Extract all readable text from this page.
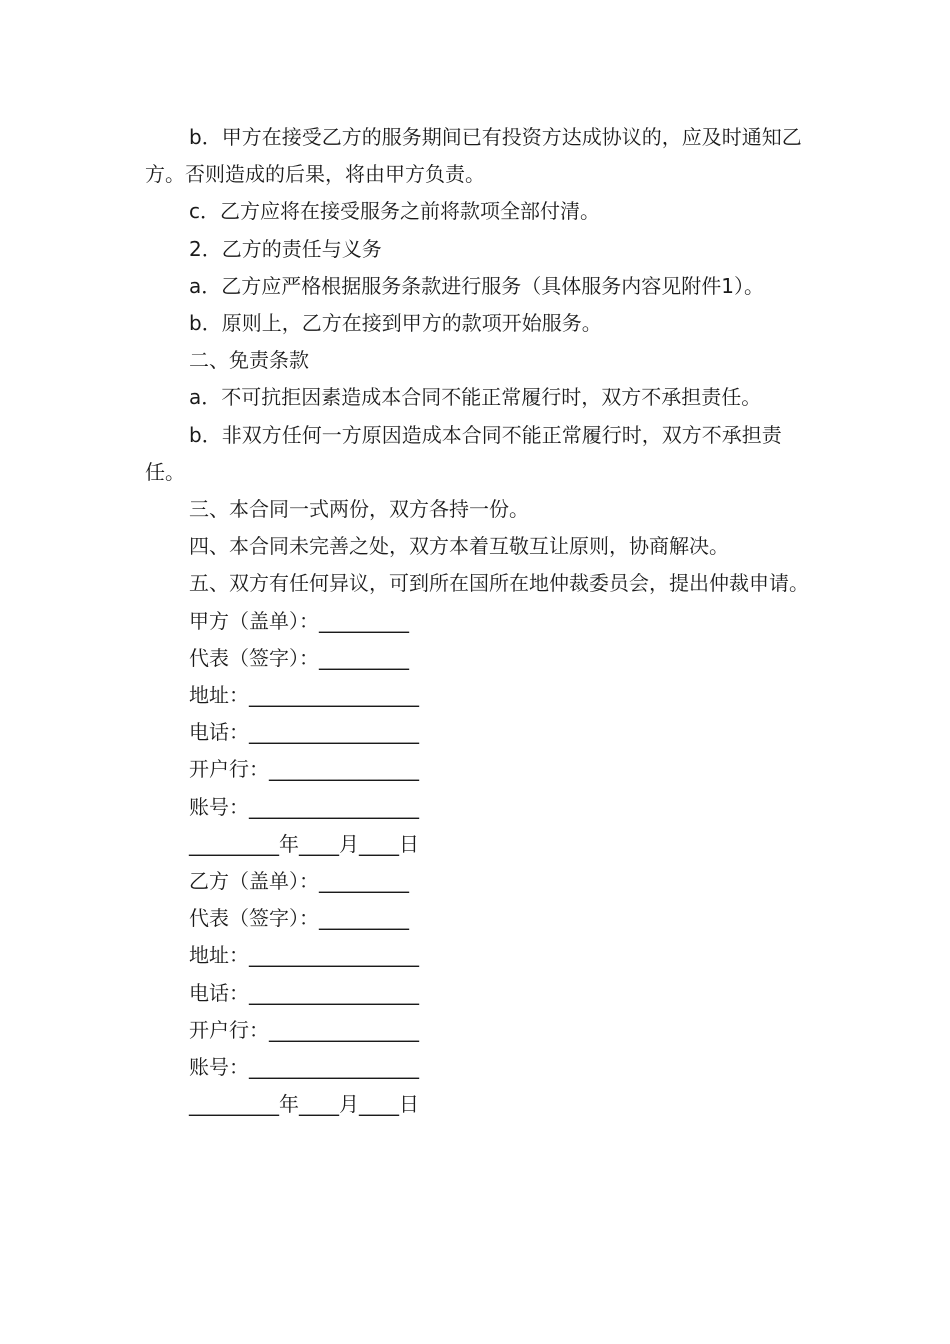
b．甲方在接受乙方的服务期间已有投资方达成协议的，应及时通知乙方。否则造成的后果，将由甲方负责。

c．乙方应将在接受服务之前将款项全部付清。

2．乙方的责任与义务

a．乙方应严格根据服务条款进行服务（具体服务内容见附件1）。

b．原则上，乙方在接到甲方的款项开始服务。

二、免责条款

a．不可抗拒因素造成本合同不能正常履行时，双方不承担责任。

b．非双方任何一方原因造成本合同不能正常履行时，双方不承担责任。

三、本合同一式两份，双方各持一份。

四、本合同未完善之处，双方本着互敬互让原则，协商解决。

五、双方有任何异议，可到所在国所在地仲裁委员会，提出仲裁申请。

甲方（盖单）：_________

代表（签字）：_________

地址：_________________

电话：_________________

开户行：_______________

账号：_________________

_________年____月____日

乙方（盖单）：_________

代表（签字）：_________

地址：_________________

电话：_________________

开户行：_______________

账号：_________________

_________年____月____日
